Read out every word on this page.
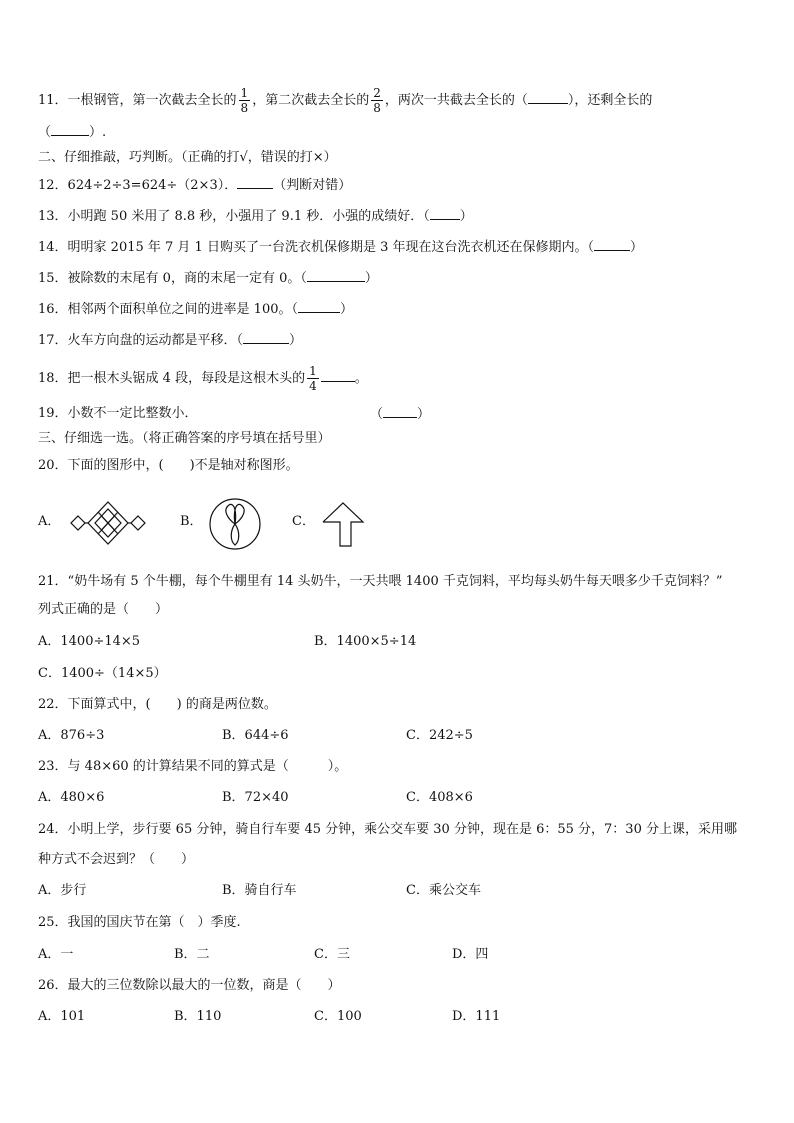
11．一根钢管，第一次截去全长的 $\frac{1}{8}$ ，第二次截去全长的 $\frac{2}{8}$ ，两次一共截去全长的（	），还剩全长的
（	）.
二、仔细推敲，巧判断。（正确的打√，错误的打×）
12．624÷2÷3=624÷（2×3）．	（判断对错）
13．小明跑 50 米用了 8.8 秒，小强用了 9.1 秒．小强的成绩好．（ ）
14．明明家 2015 年 7 月 1 日购买了一台洗衣机保修期是 3 年现在这台洗衣机还在保修期内。（	）
15．被除数的末尾有 0，商的末尾一定有 0。（	）
16．相邻两个面积单位之间的进率是 100。（	）
17．火车方向盘的运动都是平移．（	）
18．把一根木头锯成 4 段，每段是这根木头的 $\frac{1}{4}$	。
19．小数不一定比整数小．	（	）
三、仔细选一选。（将正确答案的序号填在括号里）
20．下面的图形中，(　　)不是轴对称图形。
A．	B．	C．
21．“奶牛场有 5 个牛棚，每个牛棚里有 14 头奶牛，一天共喂 1400 千克饲料，平均每头奶牛每天喂多少千克饲料？”
列式正确的是（　　）
A．1400÷14×5	B．1400×5÷14
C．1400÷（14×5）
22．下面算式中，(　　) 的商是两位数。
A．876÷3	B．644÷6	C．242÷5
23．与 48×60 的计算结果不同的算式是（　　　）。
A．480×6	B．72×40	C．408×6
24．小明上学，步行要 65 分钟，骑自行车要 45 分钟，乘公交车要 30 分钟，现在是 6：55 分，7：30 分上课，采用哪
种方式不会迟到？（　　）
A．步行	B．骑自行车	C．乘公交车
25．我国的国庆节在第（　）季度.
A．一	B．二	C．三	D．四
26．最大的三位数除以最大的一位数，商是（　　）
A．101	B．110	C．100	D．111
